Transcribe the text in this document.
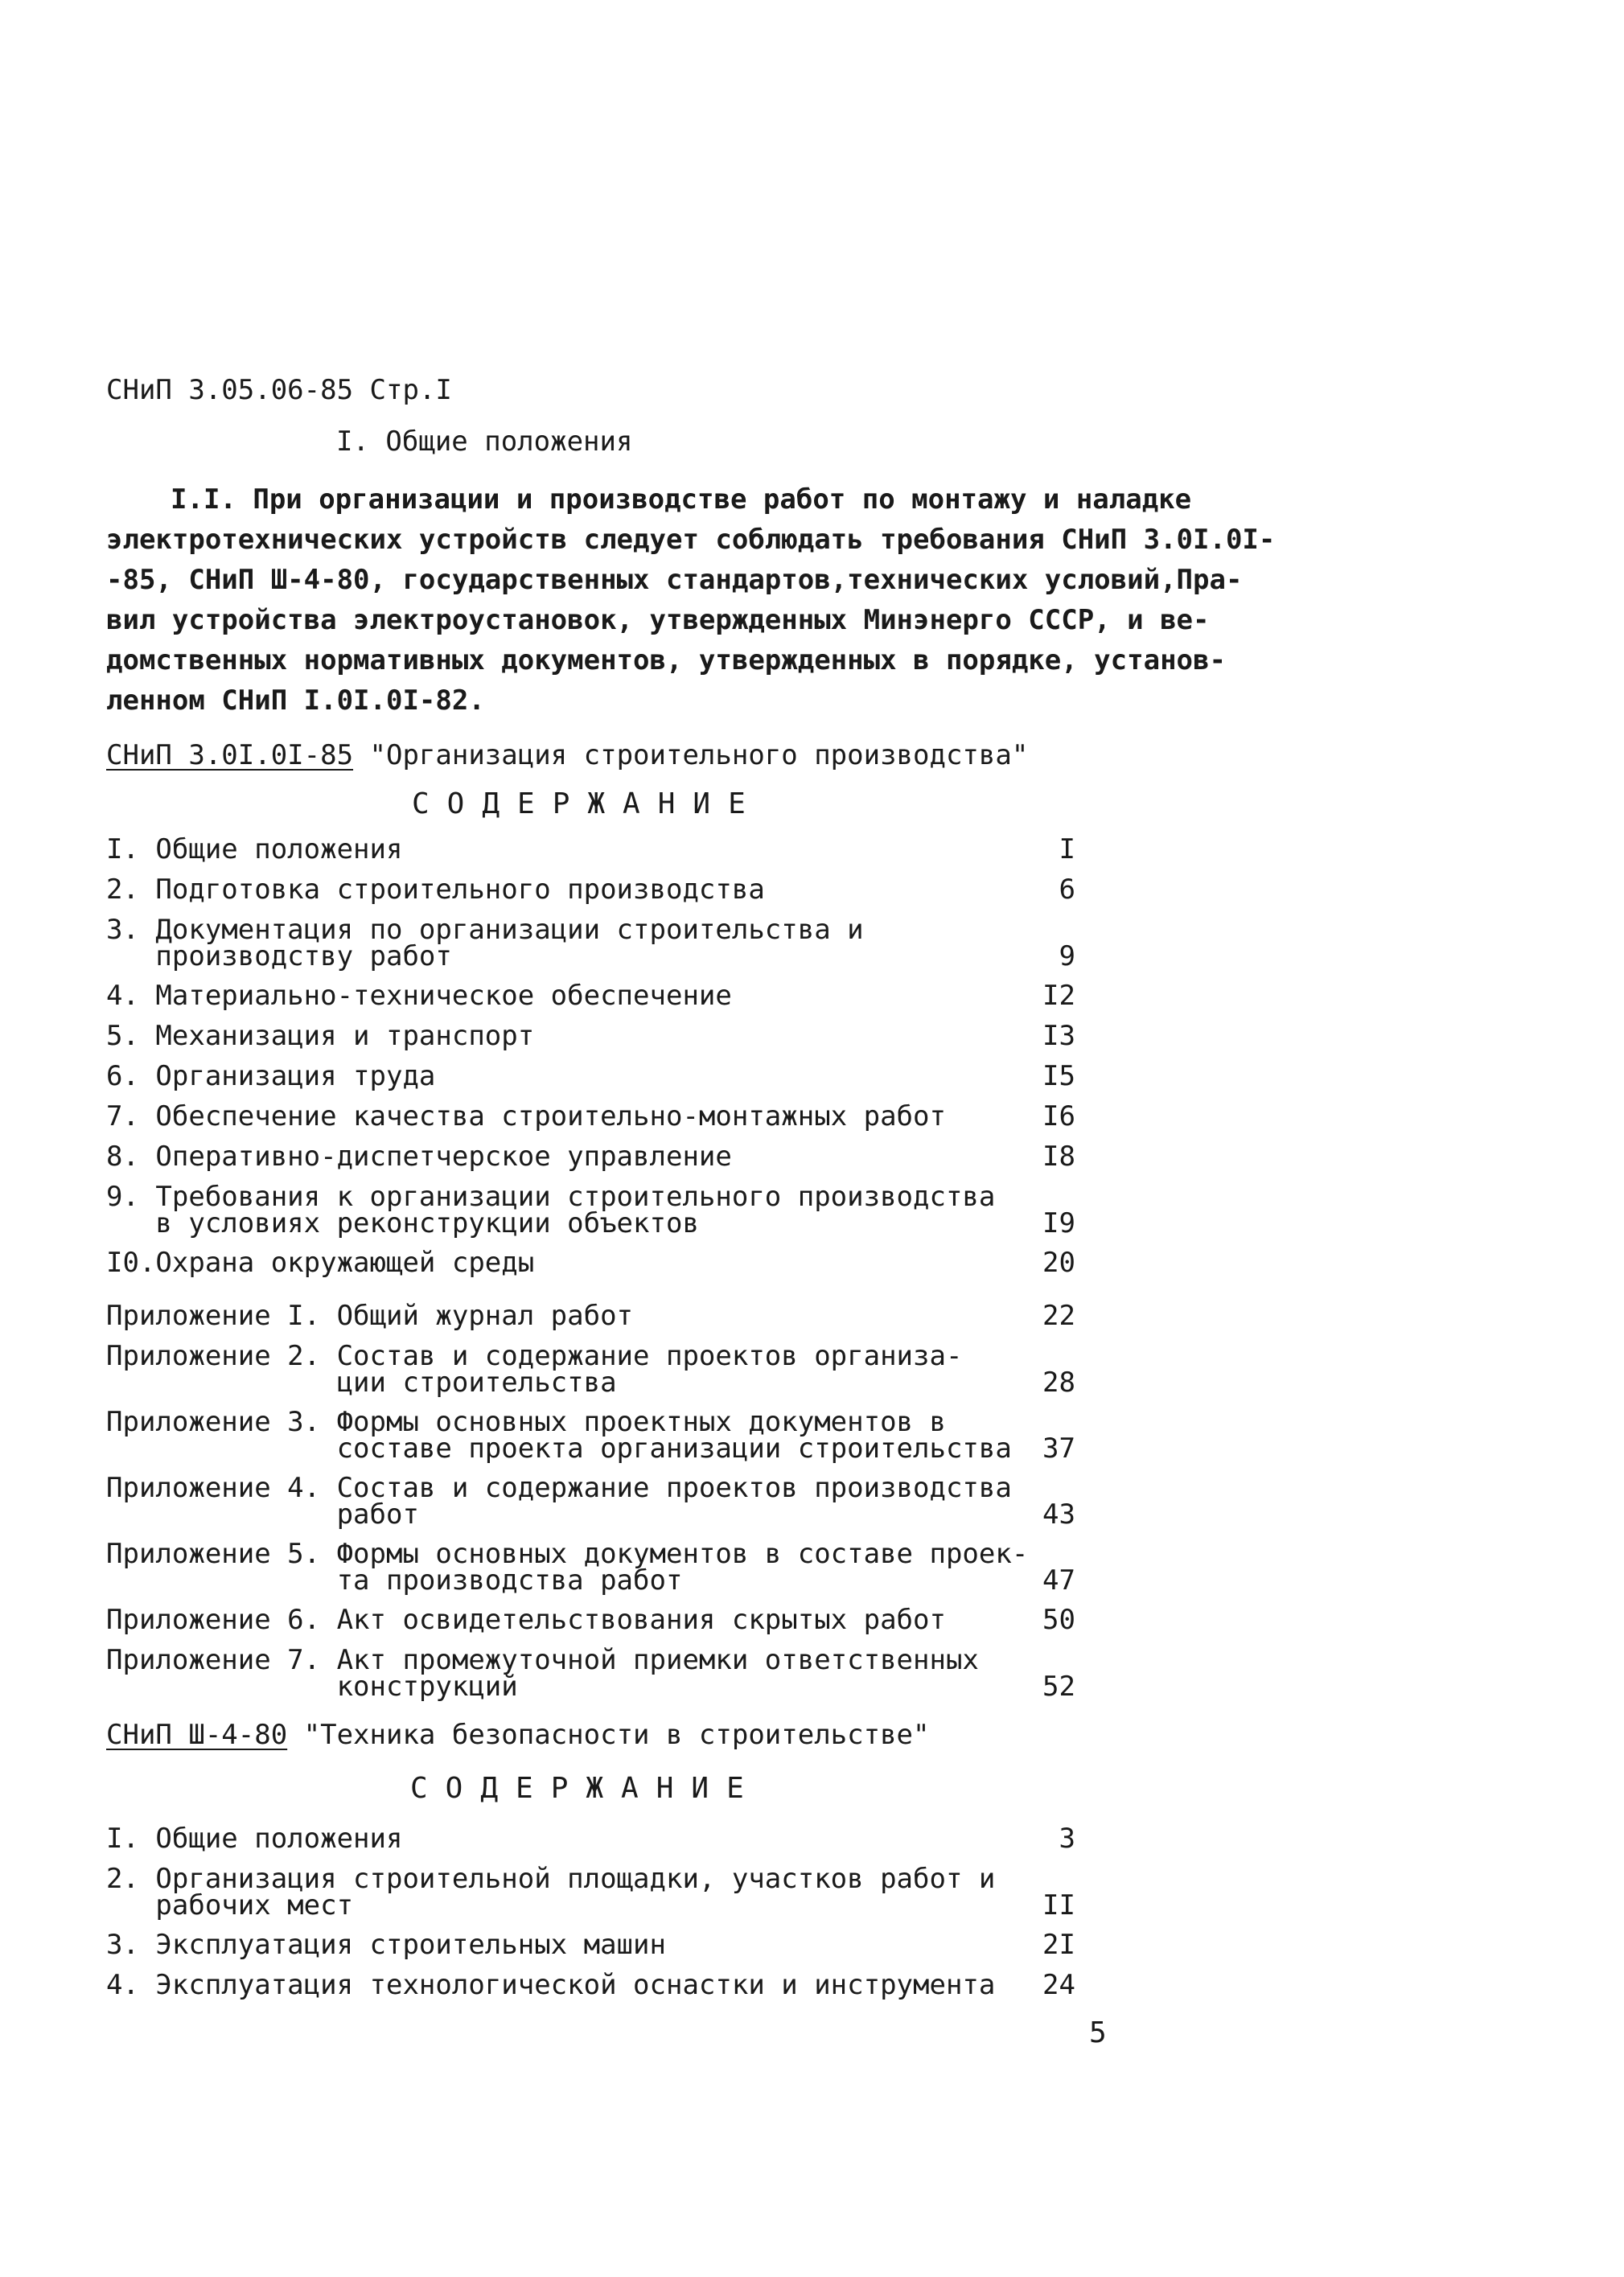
СНиП 3.05.06-85 Стр.I
I. Общие положения
I.I. При организации и производстве работ по монтажу и наладке
электротехнических устройств следует соблюдать требования СНиП 3.0I.0I-
-85, СНиП Ш-4-80, государственных стандартов,технических условий,Пра-
вил устройства электроустановок, утвержденных Минэнерго СССР, и ве-
домственных нормативных документов, утвержденных в порядке, установ-
ленном СНиП I.0I.0I-82.
СНиП 3.0I.0I-85 "Организация строительного производства"
СОДЕРЖАНИЕ
I. Общие положения	I
2. Подготовка строительного производства	6
3. Документация по организации строительства и
производству работ	9
4. Материально-техническое обеспечение	I2
5. Механизация и транспорт	I3
6. Организация труда	I5
7. Обеспечение качества строительно-монтажных работ	I6
8. Оперативно-диспетчерское управление	I8
9. Требования к организации строительного производства
в условиях реконструкции объектов	I9
I0.Охрана окружающей среды	20
Приложение I. Общий журнал работ	22
Приложение 2. Состав и содержание проектов организа-
ции строительства	28
Приложение 3. Формы основных проектных документов в
составе проекта организации строительства 37
Приложение 4. Состав и содержание проектов производства
работ	43
Приложение 5. Формы основных документов в составе проек-
та производства работ	47
Приложение 6. Акт освидетельствования скрытых работ	50
Приложение 7. Акт промежуточной приемки ответственных
конструкций	52
СНиП Ш-4-80 "Техника безопасности в строительстве"
СОДЕРЖАНИЕ
I. Общие положения	3
2. Организация строительной площадки, участков работ и
рабочих мест	II
3. Эксплуатация строительных машин	2I
4. Эксплуатация технологической оснастки и инструмента 24
5
